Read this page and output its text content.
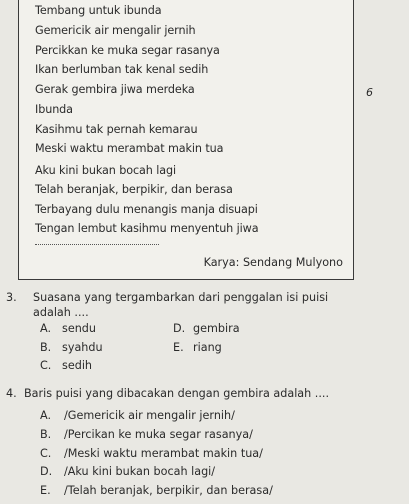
Tembang untuk ibunda
Gemericik air mengalir jernih
Percikkan ke muka segar rasanya
Ikan berlumban tak kenal sedih
Gerak gembira jiwa merdeka
Ibunda
Kasihmu tak pernah kemarau
Meski waktu merambat makin tua
Aku kini bukan bocah lagi
Telah beranjak, berpikir, dan berasa
Terbayang dulu menangis manja disuapi
Tengan lembut kasihmu menyentuh jiwa
Karya: Sendang Mulyono
6
3. Suasana yang tergambarkan dari penggalan isi puisi
adalah ....
A. sendu
B. syahdu
C. sedih
D. gembira
E. riang
4. Baris puisi yang dibacakan dengan gembira adalah ....
A. /Gemericik air mengalir jernih/
B. /Percikan ke muka segar rasanya/
C. /Meski waktu merambat makin tua/
D. /Aku kini bukan bocah lagi/
E. /Telah beranjak, berpikir, dan berasa/
